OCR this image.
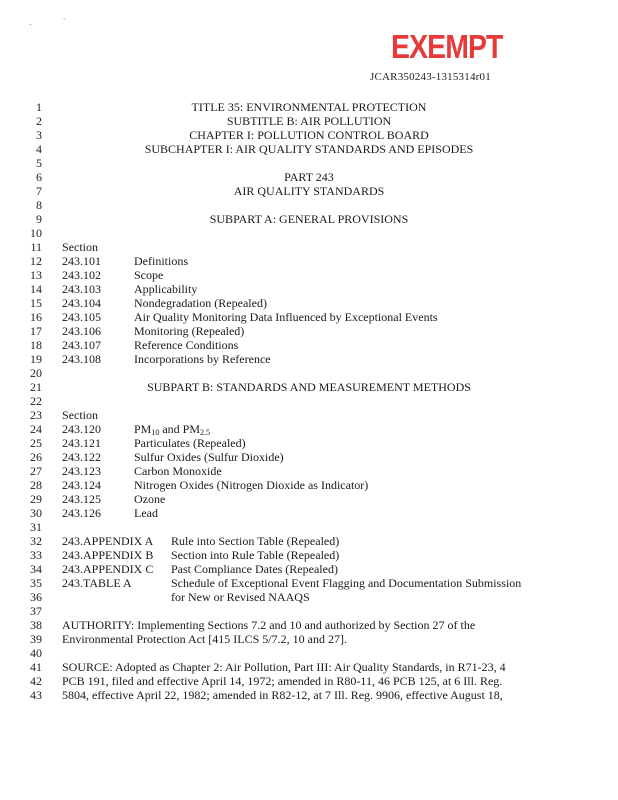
-
-
EXEMPT
JCAR350243-1315314r01
1
2
3
4
5
6
7
8
9
10
11
12
13
14
15
16
17
18
19
20
21
22
23
24
25
26
27
28
29
30
31
32
33
34
35
36
37
38
39
40
41
42
43
TITLE 35: ENVIRONMENTAL PROTECTION
SUBTITLE B: AIR POLLUTION
CHAPTER I: POLLUTION CONTROL BOARD
SUBCHAPTER I: AIR QUALITY STANDARDS AND EPISODES
PART 243
AIR QUALITY STANDARDS
SUBPART A: GENERAL PROVISIONS
Section
243.101	Definitions
243.102	Scope
243.103	Applicability
243.104	Nondegradation (Repealed)
243.105	Air Quality Monitoring Data Influenced by Exceptional Events
243.106	Monitoring (Repealed)
243.107	Reference Conditions
243.108	Incorporations by Reference
SUBPART B: STANDARDS AND MEASUREMENT METHODS
Section
243.120	$PM_{10}$ and $PM_{2.5}$
243.121	Particulates (Repealed)
243.122	Sulfur Oxides (Sulfur Dioxide)
243.123	Carbon Monoxide
243.124	Nitrogen Oxides (Nitrogen Dioxide as Indicator)
243.125	Ozone
243.126	Lead
243.APPENDIX A Rule into Section Table (Repealed)
243.APPENDIX B Section into Rule Table (Repealed)
243.APPENDIX C Past Compliance Dates (Repealed)
243.TABLE A	Schedule of Exceptional Event Flagging and Documentation Submission
for New or Revised NAAQS
AUTHORITY: Implementing Sections 7.2 and 10 and authorized by Section 27 of the
Environmental Protection Act [415 ILCS 5/7.2, 10 and 27].
SOURCE: Adopted as Chapter 2: Air Pollution, Part III: Air Quality Standards, in R71-23, 4
PCB 191, filed and effective April 14, 1972; amended in R80-11, 46 PCB 125, at 6 Ill. Reg.
5804, effective April 22, 1982; amended in R82-12, at 7 Ill. Reg. 9906, effective August 18,
